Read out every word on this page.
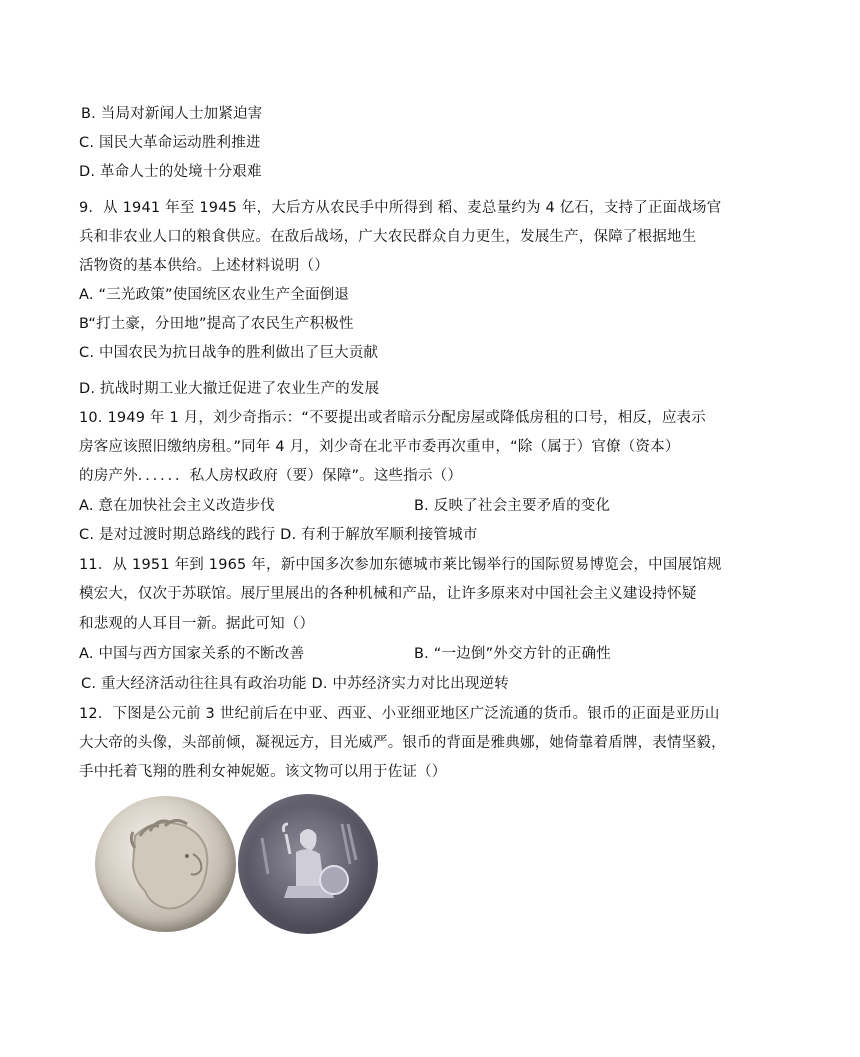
B. 当局对新闻人士加紧迫害
C. 国民大革命运动胜利推进
D. 革命人士的处境十分艰难
9．从 1941 年至 1945 年，大后方从农民手中所得到 稻、麦总量约为 4 亿石，支持了正面战场官
兵和非农业人口的粮食供应。在敌后战场，广大农民群众自力更生，发展生产，保障了根据地生
活物资的基本供给。上述材料说明（）
A. “三光政策”使国统区农业生产全面倒退
B“打土豪，分田地”提高了农民生产积极性
C. 中国农民为抗日战争的胜利做出了巨大贡献
D. 抗战时期工业大撤迁促进了农业生产的发展
10. 1949 年 1 月，刘少奇指示：“不要提出或者暗示分配房屋或降低房租的口号，相反，应表示
房客应该照旧缴纳房租。”同年 4 月，刘少奇在北平市委再次重申，“除（属于）官僚（资本）
的房产外．．．．．．私人房权政府（要）保障”。这些指示（）
A. 意在加快社会主义改造步伐	B. 反映了社会主要矛盾的变化
C. 是对过渡时期总路线的践行 D. 有利于解放军顺利接管城市
11．从 1951 年到 1965 年，新中国多次参加东德城市莱比锡举行的国际贸易博览会，中国展馆规
模宏大，仅次于苏联馆。展厅里展出的各种机械和产品，让许多原来对中国社会主义建设持怀疑
和悲观的人耳目一新。据此可知（）
A. 中国与西方国家关系的不断改善	B. “一边倒”外交方针的正确性
C. 重大经济活动往往具有政治功能 D. 中苏经济实力对比出现逆转
12．下图是公元前 3 世纪前后在中亚、西亚、小亚细亚地区广泛流通的货币。银币的正面是亚历山
大大帝的头像，头部前倾，凝视远方，目光威严。银币的背面是雅典娜，她倚靠着盾牌，表情坚毅，
手中托着飞翔的胜利女神妮姬。该文物可以用于佐证（）
